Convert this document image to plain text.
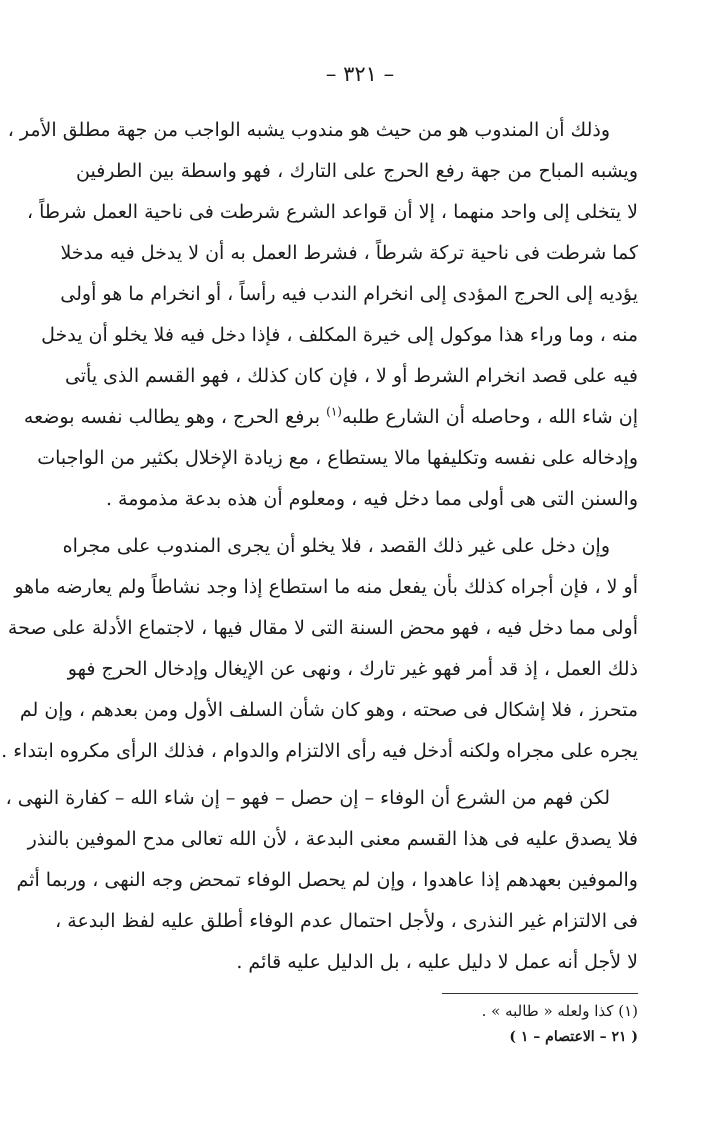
– ٣٢١ –
وذلك أن المندوب هو من حيث هو مندوب يشبه الواجب من جهة مطلق الأمر ،
ويشبه المباح من جهة رفع الحرج على التارك ، فهو واسطة بين الطرفين
لا يتخلى إلى واحد منهما ، إلا أن قواعد الشرع شرطت فى ناحية العمل شرطاً ،
كما شرطت فى ناحية تركة شرطاً ، فشرط العمل به أن لا يدخل فيه مدخلا
يؤديه إلى الحرج المؤدى إلى انخرام الندب فيه رأساً ، أو انخرام ما هو أولى
منه ، وما وراء هذا موكول إلى خيرة المكلف ، فإذا دخل فيه فلا يخلو أن يدخل
فيه على قصد انخرام الشرط أو لا ، فإن كان كذلك ، فهو القسم الذى يأتى
إن شاء الله ، وحاصله أن الشارع طلبه$^{(١)}$ برفع الحرج ، وهو يطالب نفسه بوضعه
وإدخاله على نفسه وتكليفها مالا يستطاع ، مع زيادة الإخلال بكثير من الواجبات
والسنن التى هى أولى مما دخل فيه ، ومعلوم أن هذه بدعة مذمومة .
وإن دخل على غير ذلك القصد ، فلا يخلو أن يجرى المندوب على مجراه
أو لا ، فإن أجراه كذلك بأن يفعل منه ما استطاع إذا وجد نشاطاً ولم يعارضه ماهو
أولى مما دخل فيه ، فهو محض السنة التى لا مقال فيها ، لاجتماع الأدلة على صحة
ذلك العمل ، إذ قد أمر فهو غير تارك ، ونهى عن الإيغال وإدخال الحرج فهو
متحرز ، فلا إشكال فى صحته ، وهو كان شأن السلف الأول ومن بعدهم ، وإن لم
يجره على مجراه ولكنه أدخل فيه رأى الالتزام والدوام ، فذلك الرأى مكروه ابتداء .
لكن فهم من الشرع أن الوفاء – إن حصل – فهو – إن شاء الله – كفارة النهى ،
فلا يصدق عليه فى هذا القسم معنى البدعة ، لأن الله تعالى مدح الموفين بالنذر
والموفين بعهدهم إذا عاهدوا ، وإن لم يحصل الوفاء تمحض وجه النهى ، وربما أثم
فى الالتزام غير النذرى ، ولأجل احتمال عدم الوفاء أطلق عليه لفظ البدعة ،
لا لأجل أنه عمل لا دليل عليه ، بل الدليل عليه قائم .
(١) كذا ولعله « طالبه » .
( ٢١ – الاعتصام – ١ )
